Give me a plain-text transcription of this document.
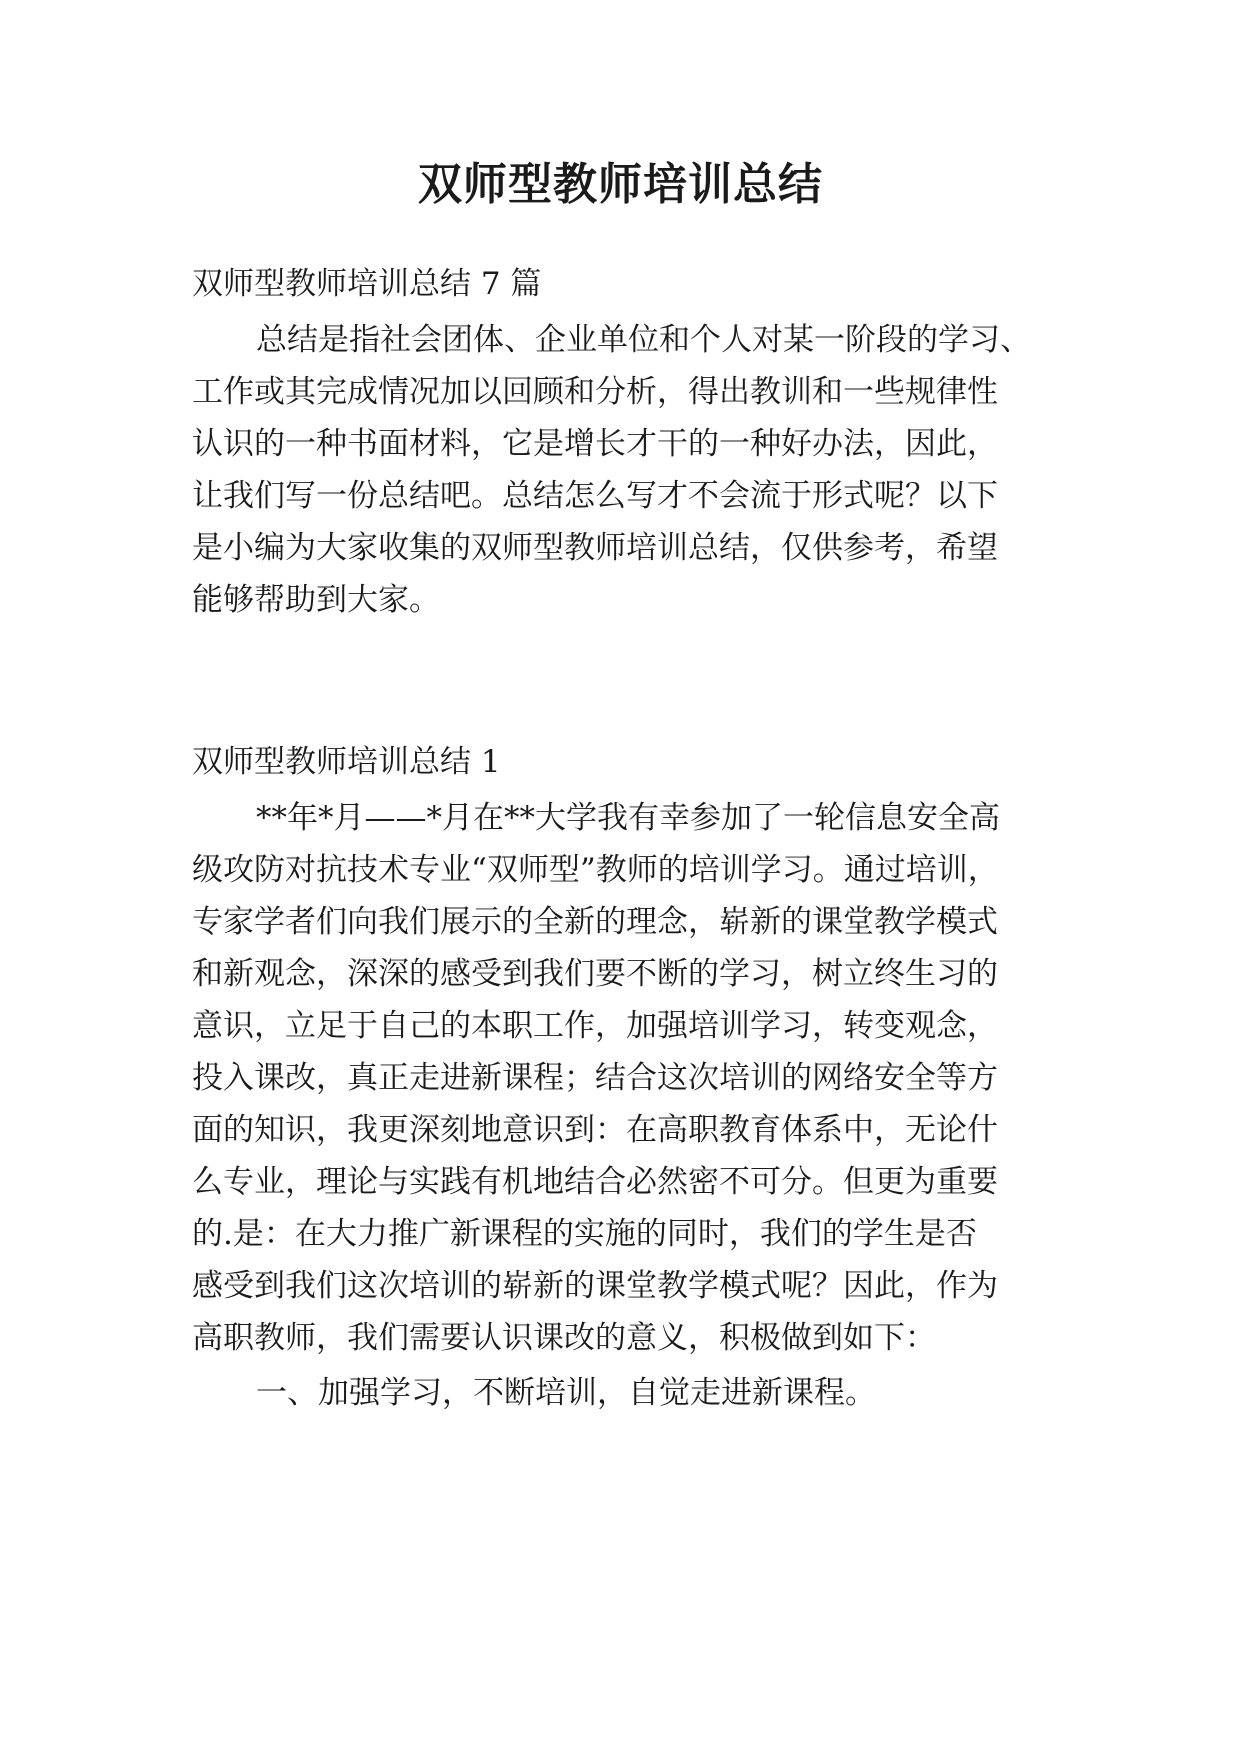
双师型教师培训总结

双师型教师培训总结 7 篇

总结是指社会团体、企业单位和个人对某一阶段的学习、

工作或其完成情况加以回顾和分析，得出教训和一些规律性

认识的一种书面材料，它是增长才干的一种好办法，因此，

让我们写一份总结吧。总结怎么写才不会流于形式呢？以下

是小编为大家收集的双师型教师培训总结，仅供参考，希望

能够帮助到大家。

双师型教师培训总结 1

**年*月——*月在**大学我有幸参加了一轮信息安全高

级攻防对抗技术专业“双师型”教师的培训学习。通过培训，

专家学者们向我们展示的全新的理念，崭新的课堂教学模式

和新观念，深深的感受到我们要不断的学习，树立终生习的

意识，立足于自己的本职工作，加强培训学习，转变观念，

投入课改，真正走进新课程；结合这次培训的网络安全等方

面的知识，我更深刻地意识到：在高职教育体系中，无论什

么专业，理论与实践有机地结合必然密不可分。但更为重要

的.是：在大力推广新课程的实施的同时，我们的学生是否

感受到我们这次培训的崭新的课堂教学模式呢？因此，作为

高职教师，我们需要认识课改的意义，积极做到如下：

一、加强学习，不断培训，自觉走进新课程。
